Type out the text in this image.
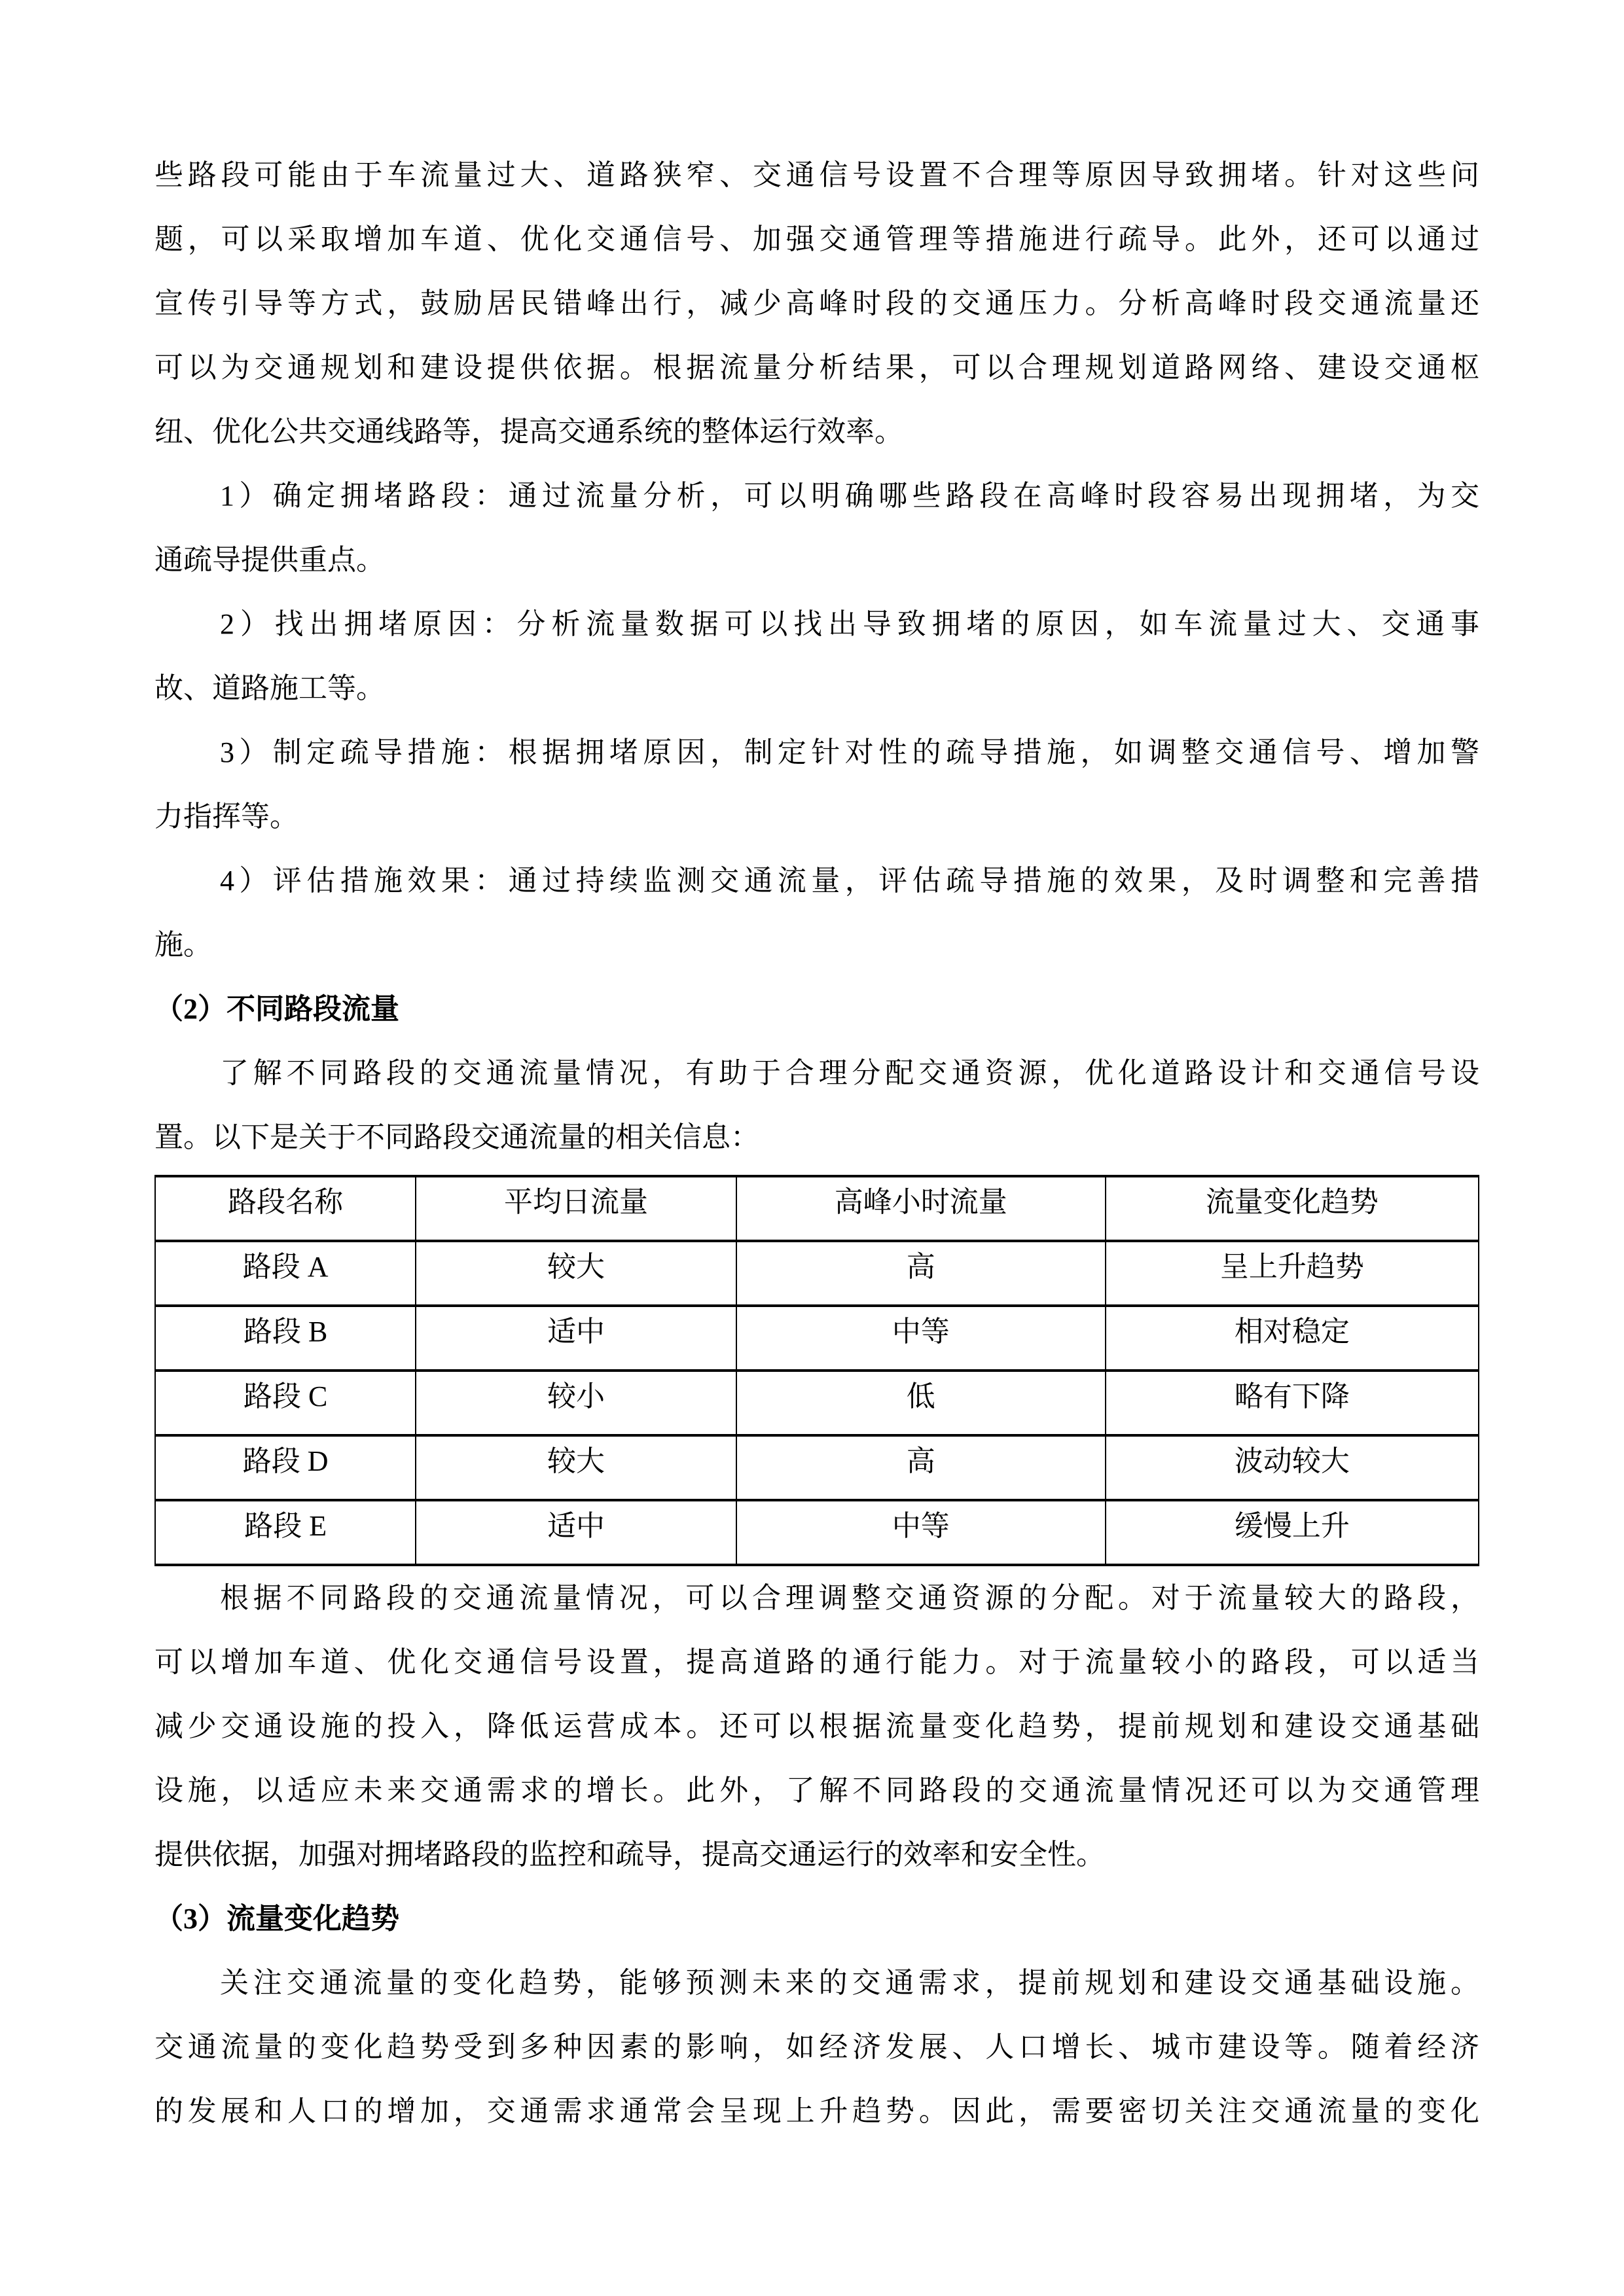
些路段可能由于车流量过大、道路狭窄、交通信号设置不合理等原因导致拥堵。针对这些问
题，可以采取增加车道、优化交通信号、加强交通管理等措施进行疏导。此外，还可以通过
宣传引导等方式，鼓励居民错峰出行，减少高峰时段的交通压力。分析高峰时段交通流量还
可以为交通规划和建设提供依据。根据流量分析结果，可以合理规划道路网络、建设交通枢
纽、优化公共交通线路等，提高交通系统的整体运行效率。
1）确定拥堵路段：通过流量分析，可以明确哪些路段在高峰时段容易出现拥堵，为交
通疏导提供重点。
2）找出拥堵原因：分析流量数据可以找出导致拥堵的原因，如车流量过大、交通事
故、道路施工等。
3）制定疏导措施：根据拥堵原因，制定针对性的疏导措施，如调整交通信号、增加警
力指挥等。
4）评估措施效果：通过持续监测交通流量，评估疏导措施的效果，及时调整和完善措
施。
（2）不同路段流量
了解不同路段的交通流量情况，有助于合理分配交通资源，优化道路设计和交通信号设
置。以下是关于不同路段交通流量的相关信息：
路段名称	平均日流量	高峰小时流量	流量变化趋势
路段 A	较大	高	呈上升趋势
路段 B	适中	中等	相对稳定
路段 C	较小	低	略有下降
路段 D	较大	高	波动较大
路段 E	适中	中等	缓慢上升
根据不同路段的交通流量情况，可以合理调整交通资源的分配。对于流量较大的路段，
可以增加车道、优化交通信号设置，提高道路的通行能力。对于流量较小的路段，可以适当
减少交通设施的投入，降低运营成本。还可以根据流量变化趋势，提前规划和建设交通基础
设施，以适应未来交通需求的增长。此外，了解不同路段的交通流量情况还可以为交通管理
提供依据，加强对拥堵路段的监控和疏导，提高交通运行的效率和安全性。
（3）流量变化趋势
关注交通流量的变化趋势，能够预测未来的交通需求，提前规划和建设交通基础设施。
交通流量的变化趋势受到多种因素的影响，如经济发展、人口增长、城市建设等。随着经济
的发展和人口的增加，交通需求通常会呈现上升趋势。因此，需要密切关注交通流量的变化
